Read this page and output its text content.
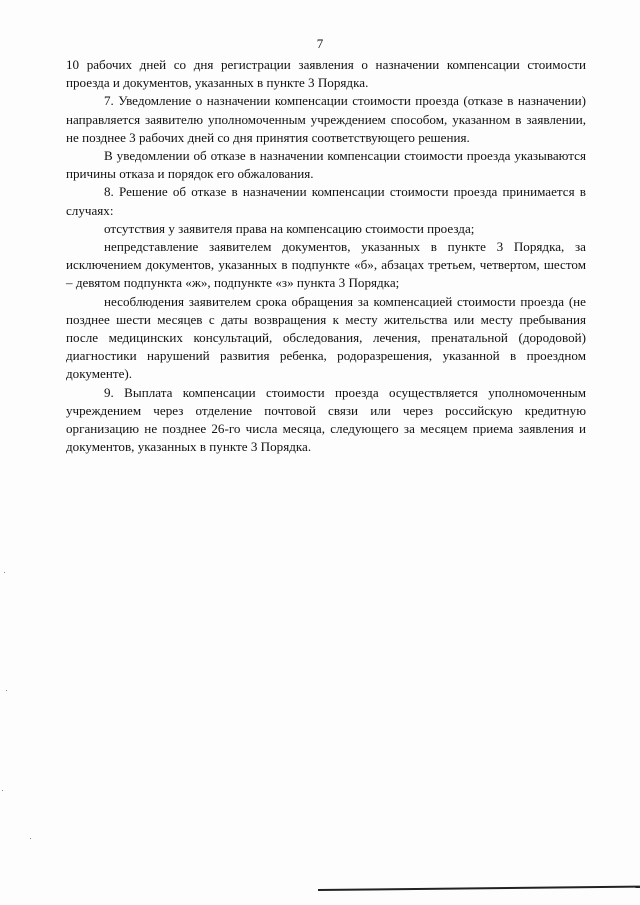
7

10 рабочих дней со дня регистрации заявления о назначении компенсации стоимости проезда и документов, указанных в пункте 3 Порядка.

7. Уведомление о назначении компенсации стоимости проезда (отказе в назначении) направляется заявителю уполномоченным учреждением способом, указанном в заявлении, не позднее 3 рабочих дней со дня принятия соответствующего решения.

В уведомлении об отказе в назначении компенсации стоимости проезда указываются причины отказа и порядок его обжалования.

8. Решение об отказе в назначении компенсации стоимости проезда принимается в случаях:

отсутствия у заявителя права на компенсацию стоимости проезда;

непредставление заявителем документов, указанных в пункте 3 Порядка, за исключением документов, указанных в подпункте «б», абзацах третьем, четвертом, шестом – девятом подпункта «ж», подпункте «з» пункта 3 Порядка;

несоблюдения заявителем срока обращения за компенсацией стоимости проезда (не позднее шести месяцев с даты возвращения к месту жительства или месту пребывания после медицинских консультаций, обследования, лечения, пренатальной (дородовой) диагностики нарушений развития ребенка, родоразрешения, указанной в проездном документе).

9. Выплата компенсации стоимости проезда осуществляется уполномоченным учреждением через отделение почтовой связи или через российскую кредитную организацию не позднее 26-го числа месяца, следующего за месяцем приема заявления и документов, указанных в пункте 3 Порядка.
